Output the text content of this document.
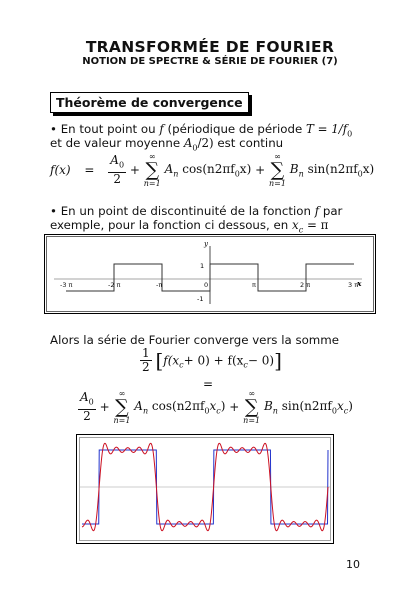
TRANSFORMÉE DE FOURIER
NOTION DE SPECTRE & SÉRIE DE FOURIER (7)
Théorème de convergence
• En tout point ou f (périodique de période $T = 1/f_0$
et de valeur moyenne $A_0/2$) est continu
$f(x) = \frac{A_0}{2}$ +
∞
∑
n=1
$A_n$ $\cos(n2\pi f_0x)$ +
∞
∑
n=1
$B_n$ $\sin(n2\pi f_0x)$
• En un point de discontinuité de la fonction f par
exemple, pour la fonction ci dessous, en $x_c = \pi$
-3 π	-2 π	-π	0	π	2 π	3 π
y
x
1
-1
Alors la série de Fourier converge vers la somme
$\frac{1}{2} [f(x_c+ 0) + f(x_c- 0)]$
=
$\frac{A_0}{2}$ +
∞
∑
n=1
$A_n$ $\cos(n2\pi f_0x_c)$ +
∞
∑
n=1
$B_n$ $\sin(n2\pi f_0x_c)$
10
